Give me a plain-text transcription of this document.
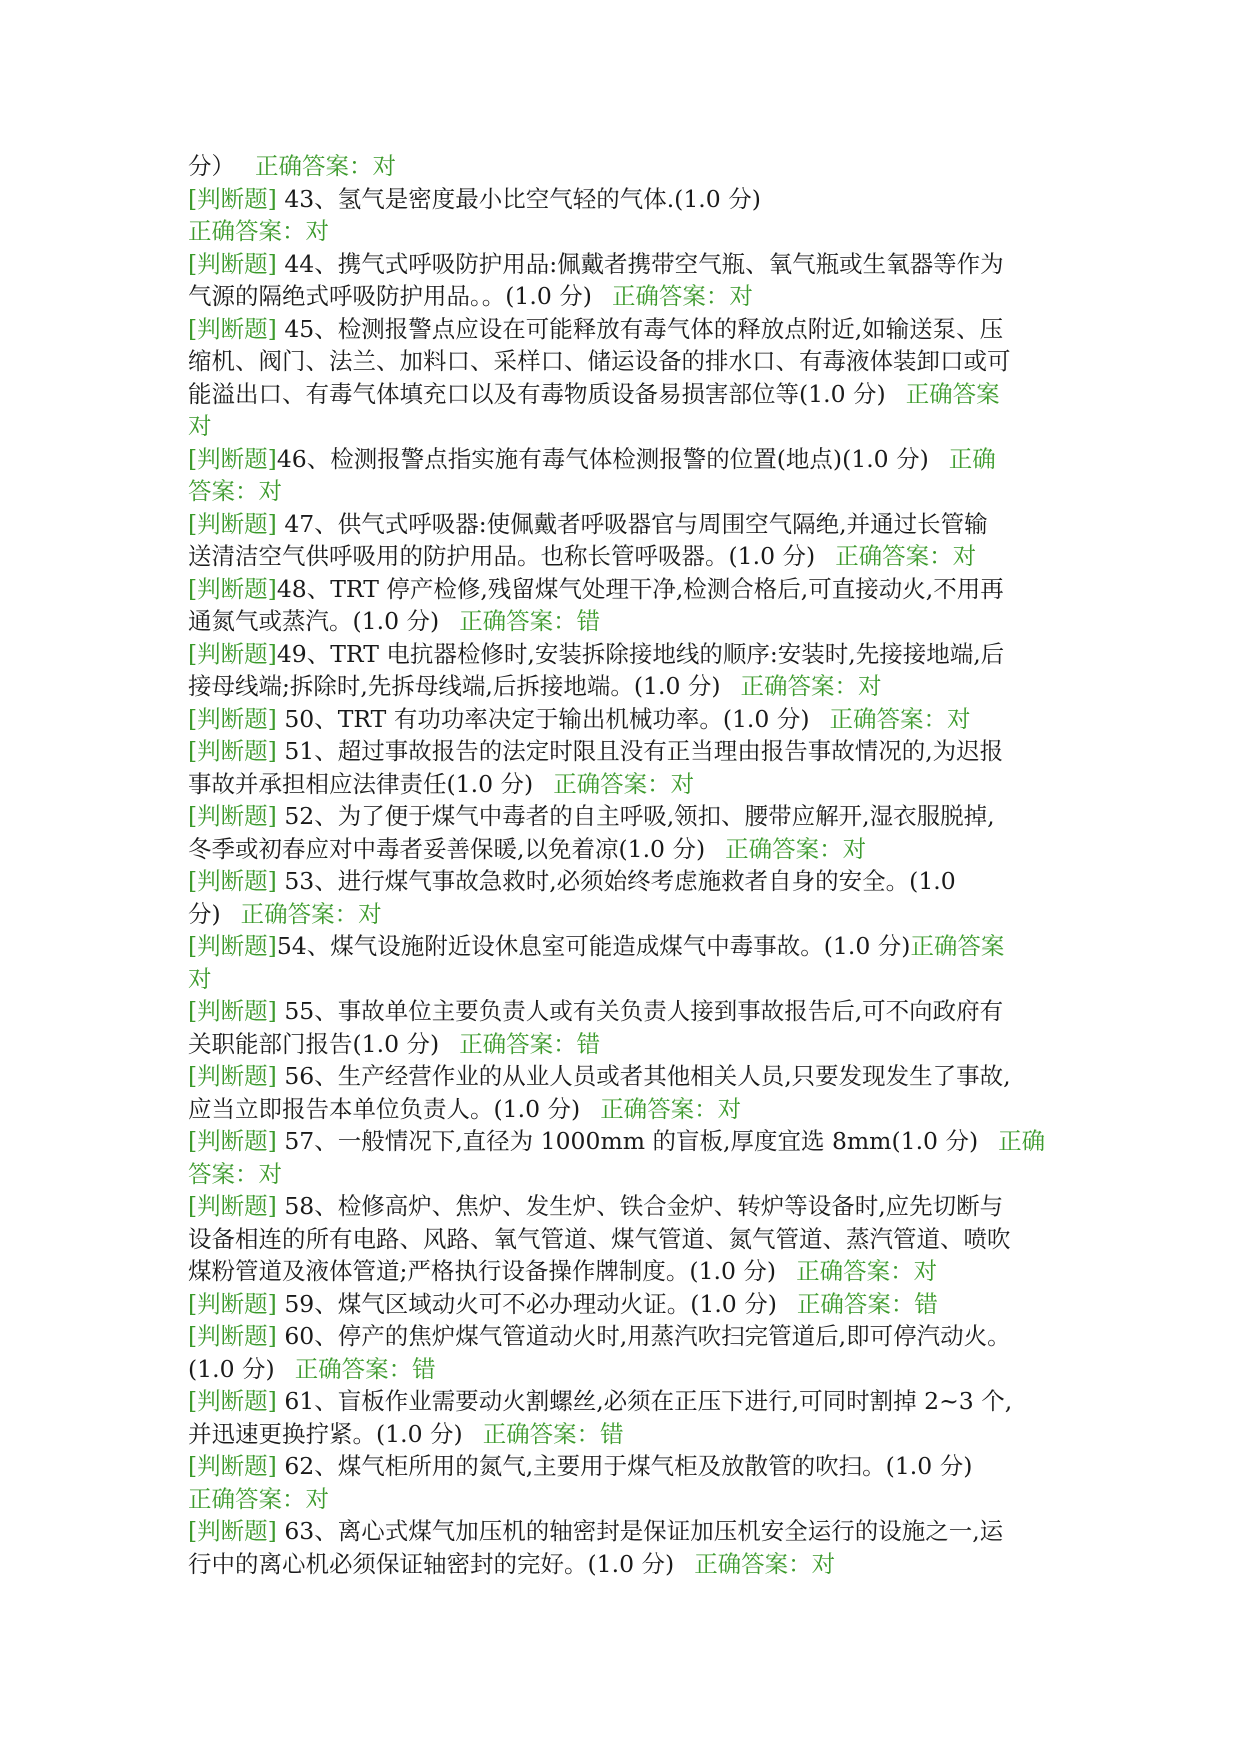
分） 正确答案：对
[判断题] 43、氢气是密度最小比空气轻的气体.(1.0 分)
正确答案：对
[判断题] 44、携气式呼吸防护用品:佩戴者携带空气瓶、氧气瓶或生氧器等作为
气源的隔绝式呼吸防护用品。。(1.0 分) 正确答案：对
[判断题] 45、检测报警点应设在可能释放有毒气体的释放点附近,如输送泵、压
缩机、阀门、法兰、加料口、采样口、储运设备的排水口、有毒液体装卸口或可
能溢出口、有毒气体填充口以及有毒物质设备易损害部位等(1.0 分) 正确答案
对
[判断题]46、检测报警点指实施有毒气体检测报警的位置(地点)(1.0 分) 正确
答案：对
[判断题] 47、供气式呼吸器:使佩戴者呼吸器官与周围空气隔绝,并通过长管输
送清洁空气供呼吸用的防护用品。也称长管呼吸器。(1.0 分) 正确答案：对
[判断题]48、TRT 停产检修,残留煤气处理干净,检测合格后,可直接动火,不用再
通氮气或蒸汽。(1.0 分) 正确答案：错
[判断题]49、TRT 电抗器检修时,安装拆除接地线的顺序:安装时,先接接地端,后
接母线端;拆除时,先拆母线端,后拆接地端。(1.0 分) 正确答案：对
[判断题] 50、TRT 有功功率决定于输出机械功率。(1.0 分) 正确答案：对
[判断题] 51、超过事故报告的法定时限且没有正当理由报告事故情况的,为迟报
事故并承担相应法律责任(1.0 分) 正确答案：对
[判断题] 52、为了便于煤气中毒者的自主呼吸,领扣、腰带应解开,湿衣服脱掉,
冬季或初春应对中毒者妥善保暖,以免着凉(1.0 分) 正确答案：对
[判断题] 53、进行煤气事故急救时,必须始终考虑施救者自身的安全。(1.0
分) 正确答案：对
[判断题]54、煤气设施附近设休息室可能造成煤气中毒事故。(1.0 分)正确答案
对
[判断题] 55、事故单位主要负责人或有关负责人接到事故报告后,可不向政府有
关职能部门报告(1.0 分) 正确答案：错
[判断题] 56、生产经营作业的从业人员或者其他相关人员,只要发现发生了事故,
应当立即报告本单位负责人。(1.0 分) 正确答案：对
[判断题] 57、一般情况下,直径为 1000mm 的盲板,厚度宜选 8mm(1.0 分) 正确
答案：对
[判断题] 58、检修高炉、焦炉、发生炉、铁合金炉、转炉等设备时,应先切断与
设备相连的所有电路、风路、氧气管道、煤气管道、氮气管道、蒸汽管道、喷吹
煤粉管道及液体管道;严格执行设备操作牌制度。(1.0 分) 正确答案：对
[判断题] 59、煤气区域动火可不必办理动火证。(1.0 分) 正确答案：错
[判断题] 60、停产的焦炉煤气管道动火时,用蒸汽吹扫完管道后,即可停汽动火。
(1.0 分) 正确答案：错
[判断题] 61、盲板作业需要动火割螺丝,必须在正压下进行,可同时割掉 2~3 个,
并迅速更换拧紧。(1.0 分) 正确答案：错
[判断题] 62、煤气柜所用的氮气,主要用于煤气柜及放散管的吹扫。(1.0 分)
正确答案：对
[判断题] 63、离心式煤气加压机的轴密封是保证加压机安全运行的设施之一,运
行中的离心机必须保证轴密封的完好。(1.0 分) 正确答案：对
